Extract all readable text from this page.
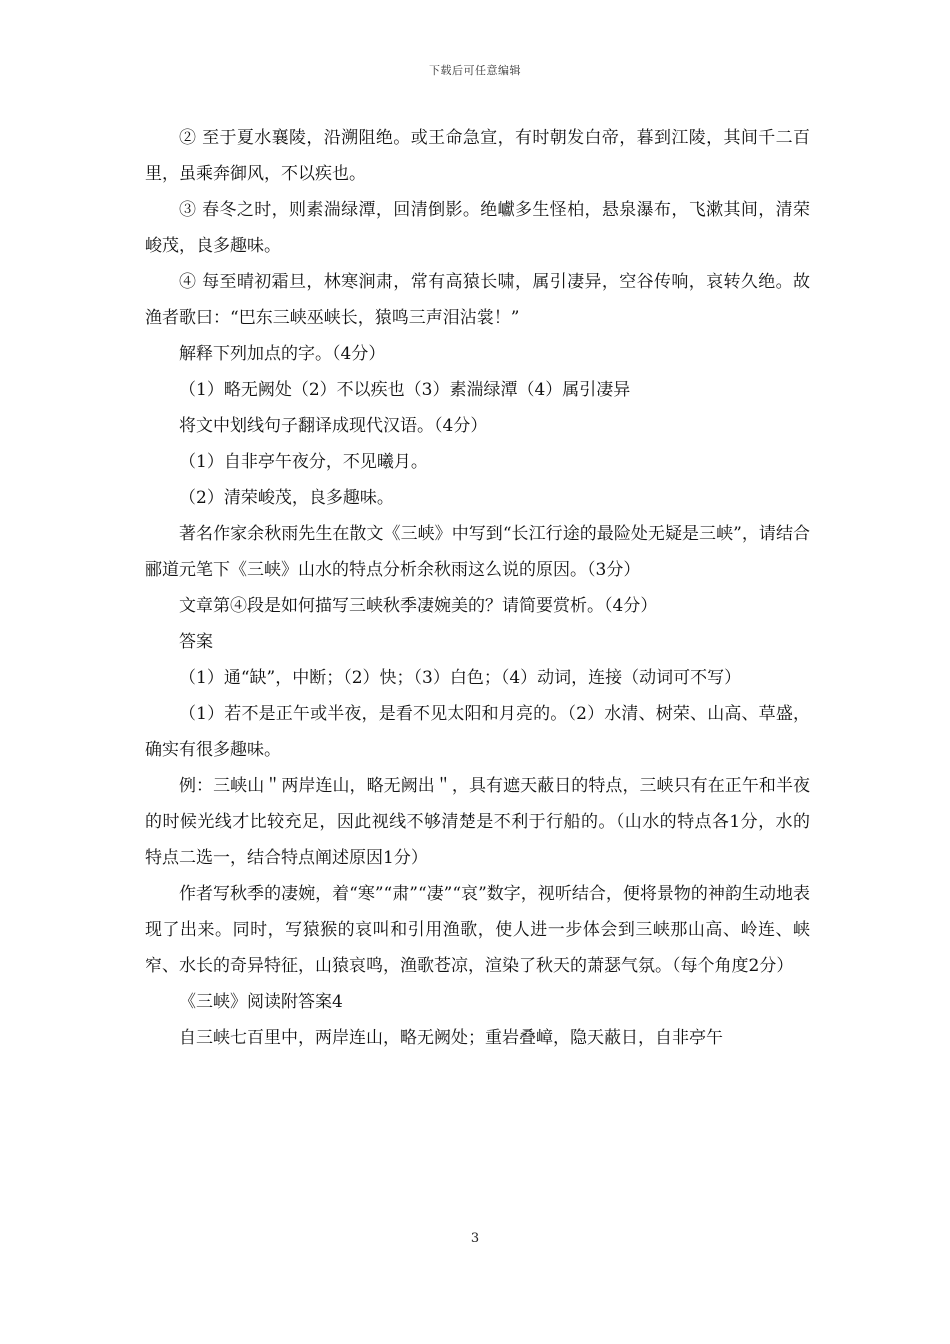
下载后可任意编辑

② 至于夏水襄陵，沿溯阻绝。或王命急宣，有时朝发白帝，暮到江陵，其间千二百里，虽乘奔御风，不以疾也。

③ 春冬之时，则素湍绿潭，回清倒影。绝巘多生怪柏，悬泉瀑布，飞漱其间，清荣峻茂，良多趣味。

④ 每至晴初霜旦，林寒涧肃，常有高猿长啸，属引凄异，空谷传响，哀转久绝。故渔者歌曰：“巴东三峡巫峡长，猿鸣三声泪沾裳！”

解释下列加点的字。（4分）

（1）略无阙处（2）不以疾也（3）素湍绿潭（4）属引凄异

将文中划线句子翻译成现代汉语。（4分）

（1）自非亭午夜分，不见曦月。

（2）清荣峻茂，良多趣味。

著名作家余秋雨先生在散文《三峡》中写到“长江行途的最险处无疑是三峡”，请结合郦道元笔下《三峡》山水的特点分析余秋雨这么说的原因。（3分）

文章第④段是如何描写三峡秋季凄婉美的？请简要赏析。（4分）

答案

（1）通“缺”，中断；（2）快；（3）白色；（4）动词，连接（动词可不写）

（1）若不是正午或半夜，是看不见太阳和月亮的。（2）水清、树荣、山高、草盛，确实有很多趣味。

例：三峡山＂两岸连山，略无阙出＂，具有遮天蔽日的特点，三峡只有在正午和半夜的时候光线才比较充足，因此视线不够清楚是不利于行船的。（山水的特点各1分，水的特点二选一，结合特点阐述原因1分）

作者写秋季的凄婉，着“寒”“肃”“凄”“哀”数字，视听结合，便将景物的神韵生动地表现了出来。同时，写猿猴的哀叫和引用渔歌，使人进一步体会到三峡那山高、岭连、峡窄、水长的奇异特征，山猿哀鸣，渔歌苍凉，渲染了秋天的萧瑟气氛。（每个角度2分）

《三峡》阅读附答案4

自三峡七百里中，两岸连山，略无阙处；重岩叠嶂，隐天蔽日，自非亭午

3
